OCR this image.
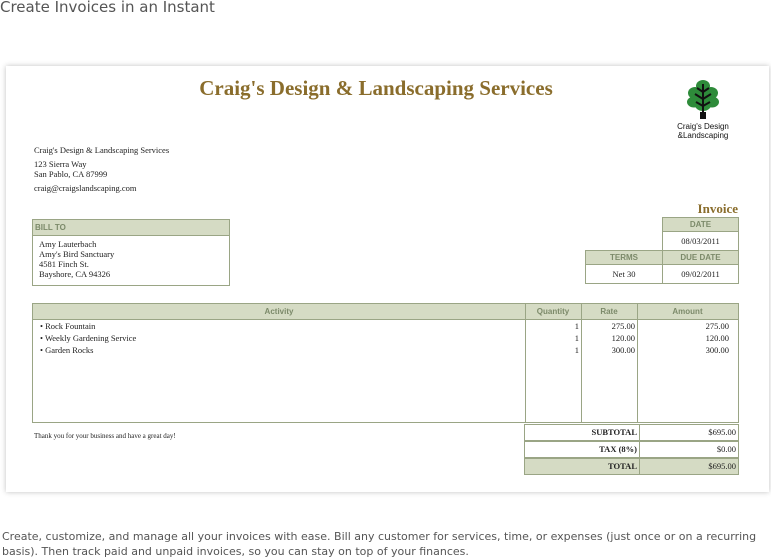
Create Invoices in an Instant
Craig's Design & Landscaping Services
Craig's Design
&Landscaping
Craig's Design & Landscaping Services
123 Sierra Way
San Pablo, CA 87999
craig@craigslandscaping.com
Invoice
DATE
08/03/2011
TERMS	DUE DATE
Net 30	09/02/2011
BILL TO
Amy Lauterbach
Amy's Bird Sanctuary
4581 Finch St.
Bayshore, CA 94326
Activity	Quantity	Rate	Amount
• Rock Fountain	1	275.00	275.00
• Weekly Gardening Service	1	120.00	120.00
• Garden Rocks	1	300.00	300.00
Thank you for your business and have a great day!	SUBTOTAL	$695.00
TAX (8%)	$0.00
TOTAL	$695.00
Create, customize, and manage all your invoices with ease. Bill any customer for services, time, or expenses (just once or on a recurring basis). Then track paid and unpaid invoices, so you can stay on top of your finances.
